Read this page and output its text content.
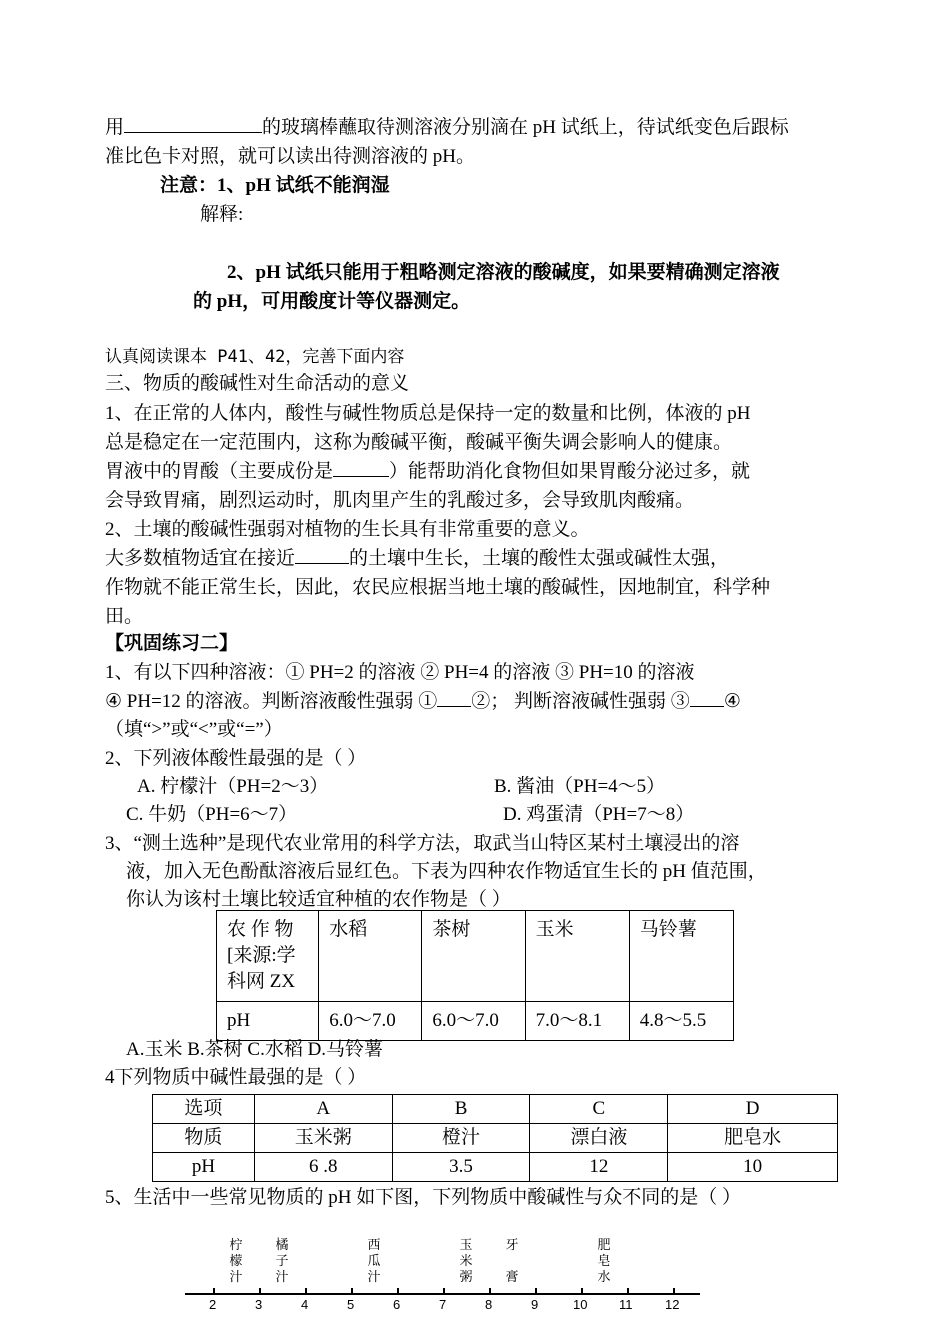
用	的玻璃棒蘸取待测溶液分别滴在 pH 试纸上，待试纸变色后跟标
准比色卡对照，就可以读出待测溶液的 pH。
注意：1、pH 试纸不能润湿
解释:
2、pH 试纸只能用于粗略测定溶液的酸碱度，如果要精确测定溶液
的 pH，可用酸度计等仪器测定。
认真阅读课本 P41、42，完善下面内容
三、物质的酸碱性对生命活动的意义
1、在正常的人体内，酸性与碱性物质总是保持一定的数量和比例，体液的 pH
总是稳定在一定范围内，这称为酸碱平衡，酸碱平衡失调会影响人的健康。
胃液中的胃酸（主要成份是	）能帮助消化食物但如果胃酸分泌过多，就
会导致胃痛，剧烈运动时，肌肉里产生的乳酸过多，会导致肌肉酸痛。
2、土壤的酸碱性强弱对植物的生长具有非常重要的意义。
大多数植物适宜在接近	的土壤中生长，土壤的酸性太强或碱性太强，
作物就不能正常生长，因此，农民应根据当地土壤的酸碱性，因地制宜，科学种
田。
【巩固练习二】
1、有以下四种溶液：① PH=2 的溶液 ② PH=4 的溶液 ③ PH=10 的溶液
④ PH=12 的溶液。判断溶液酸性强弱 ① ②； 判断溶液碱性强弱 ③ ④
（填“>”或“<”或“=”）
2、下列液体酸性最强的是（ ）
A. 柠檬汁（PH=2～3）	B. 酱油（PH=4～5）
C. 牛奶（PH=6～7）	D. 鸡蛋清（PH=7～8）
3、“测土选种”是现代农业常用的科学方法，取武当山特区某村土壤浸出的溶
液，加入无色酚酞溶液后显红色。下表为四种农作物适宜生长的 pH 值范围，
你认为该村土壤比较适宜种植的农作物是（ ）
农 作 物 [来源:学科网 ZX	水稻	茶树	玉米	马铃薯
pH	6.0～7.0	6.0～7.0	7.0～8.1	4.8～5.5
A.玉米 B.茶树 C.水稻 D.马铃薯
4下列物质中碱性最强的是（ ）
选项	A	B	C	D
物质	玉米粥	橙汁	漂白液	肥皂水
pH	6 .8	3.5	12	10
5、生活中一些常见物质的 pH 如下图，下列物质中酸碱性与众不同的是（ ）
2	3	4	5	6	7	8	9	10 11	12
柠
檬
汁
橘
子
汁
西
瓜
汁
玉
米
粥
牙
膏
肥
皂
水
